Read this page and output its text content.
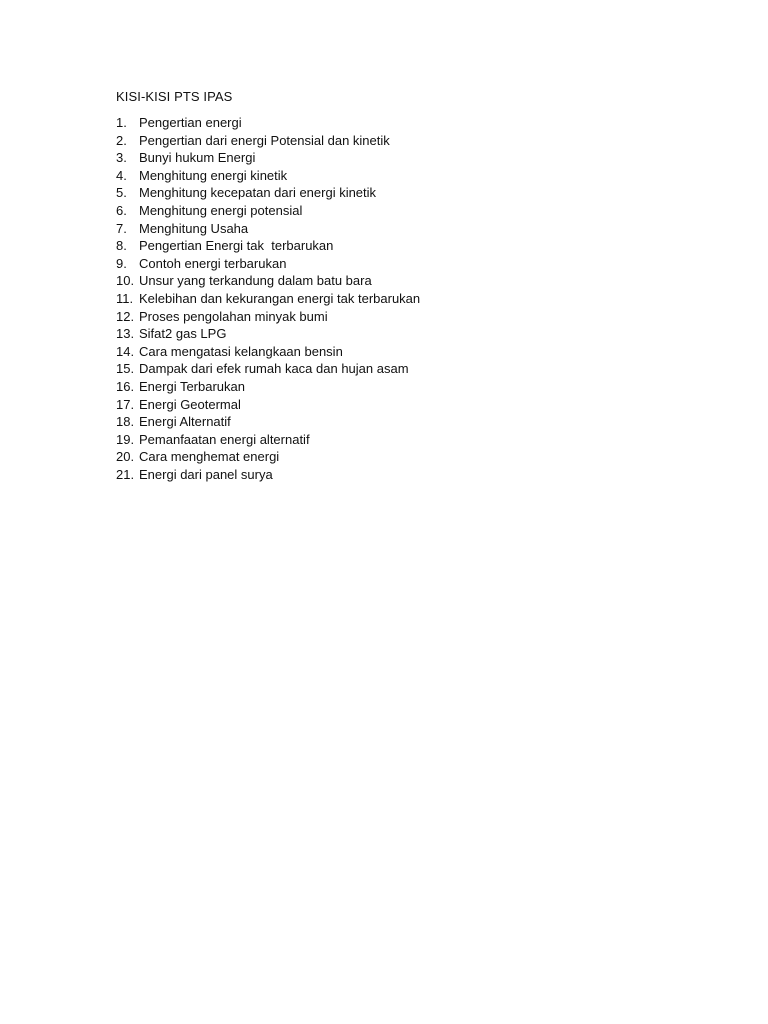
KISI-KISI PTS IPAS
1. Pengertian energi
2. Pengertian dari energi Potensial dan kinetik
3. Bunyi hukum Energi
4. Menghitung energi kinetik
5. Menghitung kecepatan dari energi kinetik
6. Menghitung energi potensial
7. Menghitung Usaha
8. Pengertian Energi tak  terbarukan
9. Contoh energi terbarukan
10. Unsur yang terkandung dalam batu bara
11. Kelebihan dan kekurangan energi tak terbarukan
12. Proses pengolahan minyak bumi
13. Sifat2 gas LPG
14. Cara mengatasi kelangkaan bensin
15. Dampak dari efek rumah kaca dan hujan asam
16. Energi Terbarukan
17. Energi Geotermal
18. Energi Alternatif
19. Pemanfaatan energi alternatif
20. Cara menghemat energi
21. Energi dari panel surya
